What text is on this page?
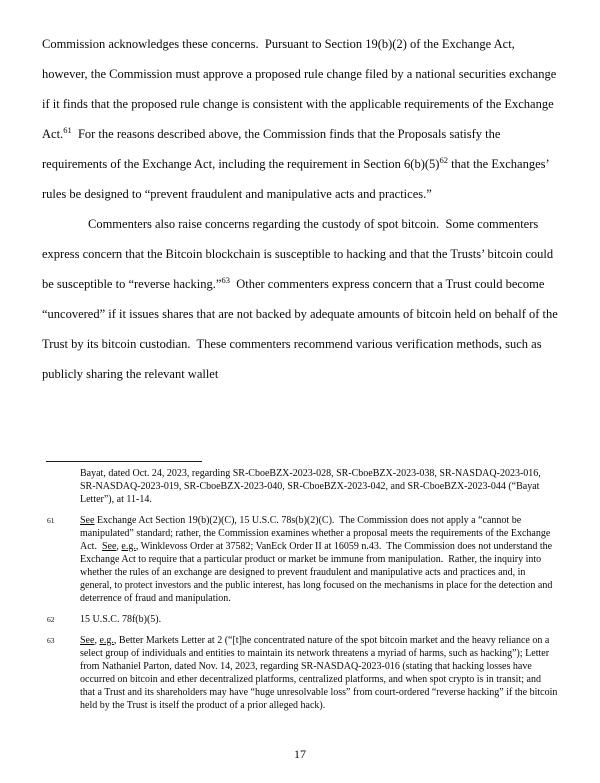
Commission acknowledges these concerns.  Pursuant to Section 19(b)(2) of the Exchange Act, however, the Commission must approve a proposed rule change filed by a national securities exchange if it finds that the proposed rule change is consistent with the applicable requirements of the Exchange Act.$^{61}$  For the reasons described above, the Commission finds that the Proposals satisfy the requirements of the Exchange Act, including the requirement in Section 6(b)(5)$^{62}$ that the Exchanges’ rules be designed to “prevent fraudulent and manipulative acts and practices.”

Commenters also raise concerns regarding the custody of spot bitcoin.  Some commenters express concern that the Bitcoin blockchain is susceptible to hacking and that the Trusts’ bitcoin could be susceptible to “reverse hacking.”$^{63}$  Other commenters express concern that a Trust could become “uncovered” if it issues shares that are not backed by adequate amounts of bitcoin held on behalf of the Trust by its bitcoin custodian.  These commenters recommend various verification methods, such as publicly sharing the relevant wallet

Bayat, dated Oct. 24, 2023, regarding SR-CboeBZX-2023-028, SR-CboeBZX-2023-038, SR-NASDAQ-2023-016, SR-NASDAQ-2023-019, SR-CboeBZX-2023-040, SR-CboeBZX-2023-042, and SR-CboeBZX-2023-044 (“Bayat Letter”), at 11-14.
61	See Exchange Act Section 19(b)(2)(C), 15 U.S.C. 78s(b)(2)(C).  The Commission does not apply a “cannot be manipulated” standard; rather, the Commission examines whether a proposal meets the requirements of the Exchange Act.  See, e.g., Winklevoss Order at 37582; VanEck Order II at 16059 n.43.  The Commission does not understand the Exchange Act to require that a particular product or market be immune from manipulation.  Rather, the inquiry into whether the rules of an exchange are designed to prevent fraudulent and manipulative acts and practices and, in general, to protect investors and the public interest, has long focused on the mechanisms in place for the detection and deterrence of fraud and manipulation.
62	15 U.S.C. 78f(b)(5).
63	See, e.g., Better Markets Letter at 2 (“[t]he concentrated nature of the spot bitcoin market and the heavy reliance on a select group of individuals and entities to maintain its network threatens a myriad of harms, such as hacking”); Letter from Nathaniel Parton, dated Nov. 14, 2023, regarding SR-NASDAQ-2023-016 (stating that hacking losses have occurred on bitcoin and ether decentralized platforms, centralized platforms, and when spot crypto is in transit; and that a Trust and its shareholders may have “huge unresolvable loss” from court-ordered “reverse hacking” if the bitcoin held by the Trust is itself the product of a prior alleged hack).
17
